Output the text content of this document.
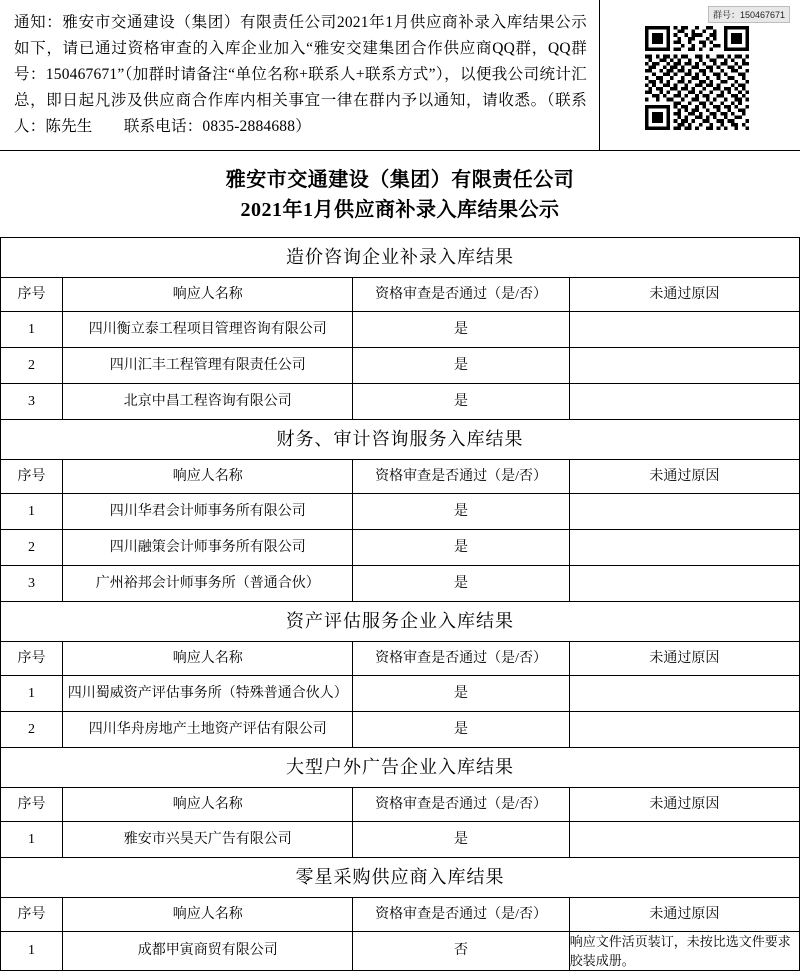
通知：雅安市交通建设（集团）有限责任公司2021年1月供应商补录入库结果公示如下，请已通过资格审查的入库企业加入“雅安交建集团合作供应商QQ群，QQ群号：150467671”（加群时请备注“单位名称+联系人+联系方式”），以便我公司统计汇总，即日起凡涉及供应商合作库内相关事宜一律在群内予以通知，请收悉。（联系人：陈先生　　联系电话：0835-2884688）
群号：150467671
雅安市交通建设（集团）有限责任公司
2021年1月供应商补录入库结果公示
造价咨询企业补录入库结果			
序号	响应人名称	资格审查是否通过（是/否）	未通过原因
1	四川衡立泰工程项目管理咨询有限公司	是	
2	四川汇丰工程管理有限责任公司	是	
3	北京中昌工程咨询有限公司	是	
财务、审计咨询服务入库结果			
序号	响应人名称	资格审查是否通过（是/否）	未通过原因
1	四川华君会计师事务所有限公司	是	
2	四川融策会计师事务所有限公司	是	
3	广州裕邦会计师事务所（普通合伙）	是	
资产评估服务企业入库结果			
序号	响应人名称	资格审查是否通过（是/否）	未通过原因
1	四川蜀威资产评估事务所（特殊普通合伙人）	是	
2	四川华舟房地产土地资产评估有限公司	是	
大型户外广告企业入库结果			
序号	响应人名称	资格审查是否通过（是/否）	未通过原因
1	雅安市兴昊天广告有限公司	是	
零星采购供应商入库结果			
序号	响应人名称	资格审查是否通过（是/否）	未通过原因
1	成都甲寅商贸有限公司	否	响应文件活页装订，未按比选文件要求胶装成册。
